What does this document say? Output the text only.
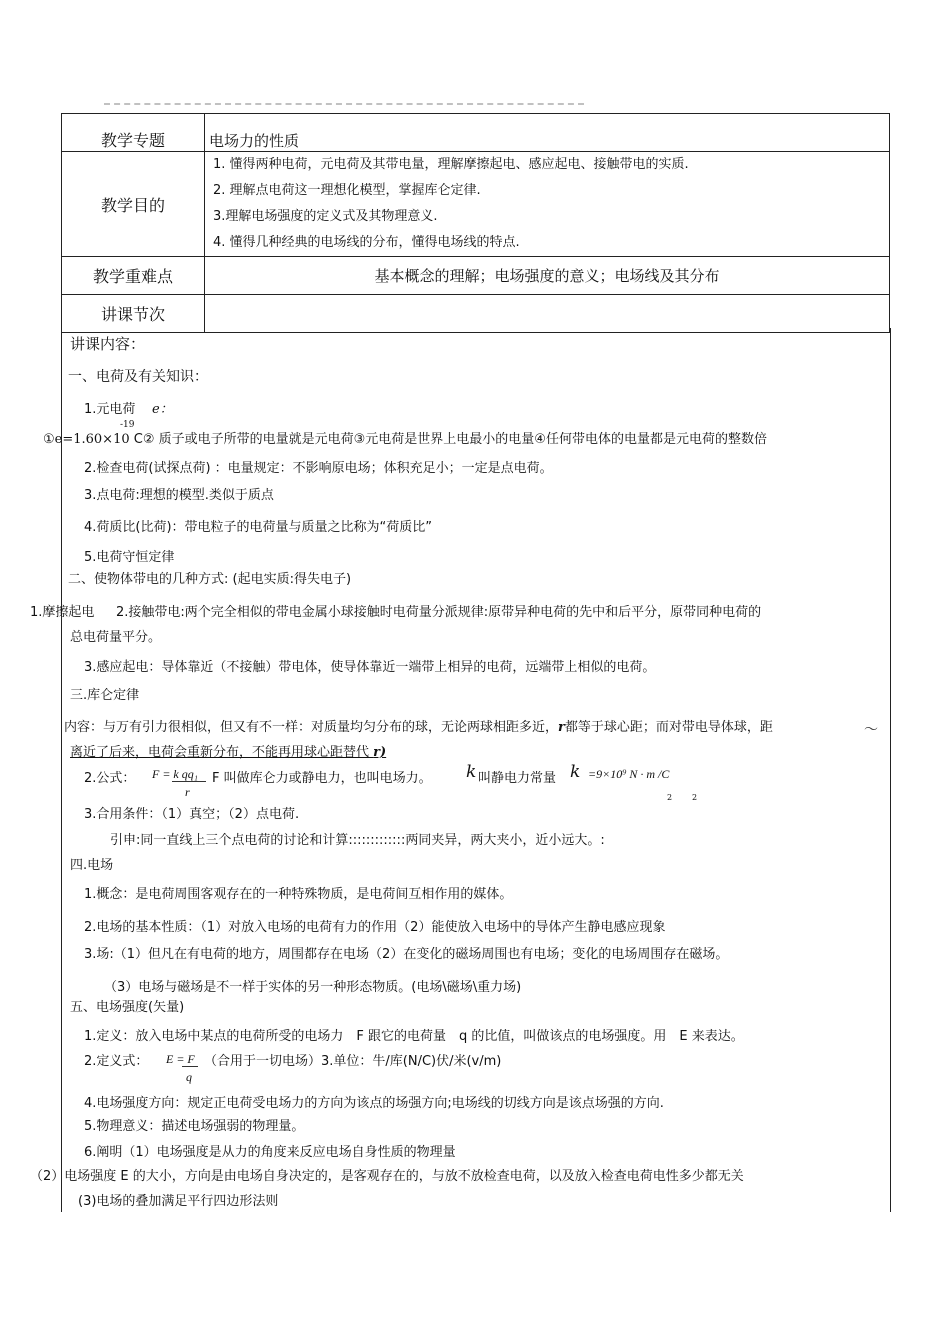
教学专题	电场力的性质
教学目的	1. 懂得两种电荷，元电荷及其带电量，理解摩擦起电、感应起电、接触带电的实质.
2. 理解点电荷这一理想化模型，掌握库仑定律.
3.理解电场强度的定义式及其物理意义.
4. 懂得几种经典的电场线的分布，懂得电场线的特点.

教学重难点	基本概念的理解；电场强度的意义；电场线及其分布
讲课节次	
讲课内容：
一、电荷及有关知识：
1.元电荷 e：
-19
①e=1.60×10 C② 质子或电子所带的电量就是元电荷③元电荷是世界上电最小的电量④任何带电体的电量都是元电荷的整数倍
2.检查电荷(试探点荷) ：电量规定：不影响原电场；体积充足小；一定是点电荷。
3.点电荷:理想的模型.类似于质点
4.荷质比(比荷)：带电粒子的电荷量与质量之比称为“荷质比”
5.电荷守恒定律
二、使物体带电的几种方式: (起电实质:得失电子)
1.摩擦起电 2.接触带电:两个完全相似的带电金属小球接触时电荷量分派规律:原带异种电荷的先中和后平分，原带同种电荷的
总电荷量平分。
3.感应起电：导体靠近（不接触）带电体，使导体靠近一端带上相异的电荷，远端带上相似的电荷。
三.库仑定律
内容：与万有引力很相似，但又有不一样：对质量均匀分布的球，无论两球相距多近，r都等于球心距；而对带电导体球，距	～
离近了后来，电荷会重新分布，不能再用球心距替代 r)
2.公式： F = k qq₁
r
F 叫做库仑力或静电力，也叫电场力。 k 叫静电力常量 k =9×10⁹ N · m /C
2 2
3.合用条件：（1）真空；（2）点电荷.
引申:同一直线上三个点电荷的讨论和计算:::::::::::::两同夹异，两大夹小，近小远大。:
四.电场
1.概念：是电荷周围客观存在的一种特殊物质，是电荷间互相作用的媒体。
2.电场的基本性质：（1）对放入电场的电荷有力的作用（2）能使放入电场中的导体产生静电感应现象
3.场:（1）但凡在有电荷的地方，周围都存在电场（2）在变化的磁场周围也有电场；变化的电场周围存在磁场。
（3）电场与磁场是不一样于实体的另一种形态物质。(电场\磁场\重力场)
五、电场强度(矢量)
1.定义：放入电场中某点的电荷所受的电场力　F 跟它的电荷量　q 的比值，叫做该点的电场强度。用　E 来表达。
2.定义式： E = F
q
（合用于一切电场）3.单位：牛/库(N/C)伏/米(v/m)
4.电场强度方向：规定正电荷受电场力的方向为该点的场强方向;电场线的切线方向是该点场强的方向.
5.物理意义：描述电场强弱的物理量。
6.阐明（1）电场强度是从力的角度来反应电场自身性质的物理量
（2）电场强度 E 的大小，方向是由电场自身决定的，是客观存在的，与放不放检查电荷，以及放入检查电荷电性多少都无关
(3)电场的叠加满足平行四边形法则
